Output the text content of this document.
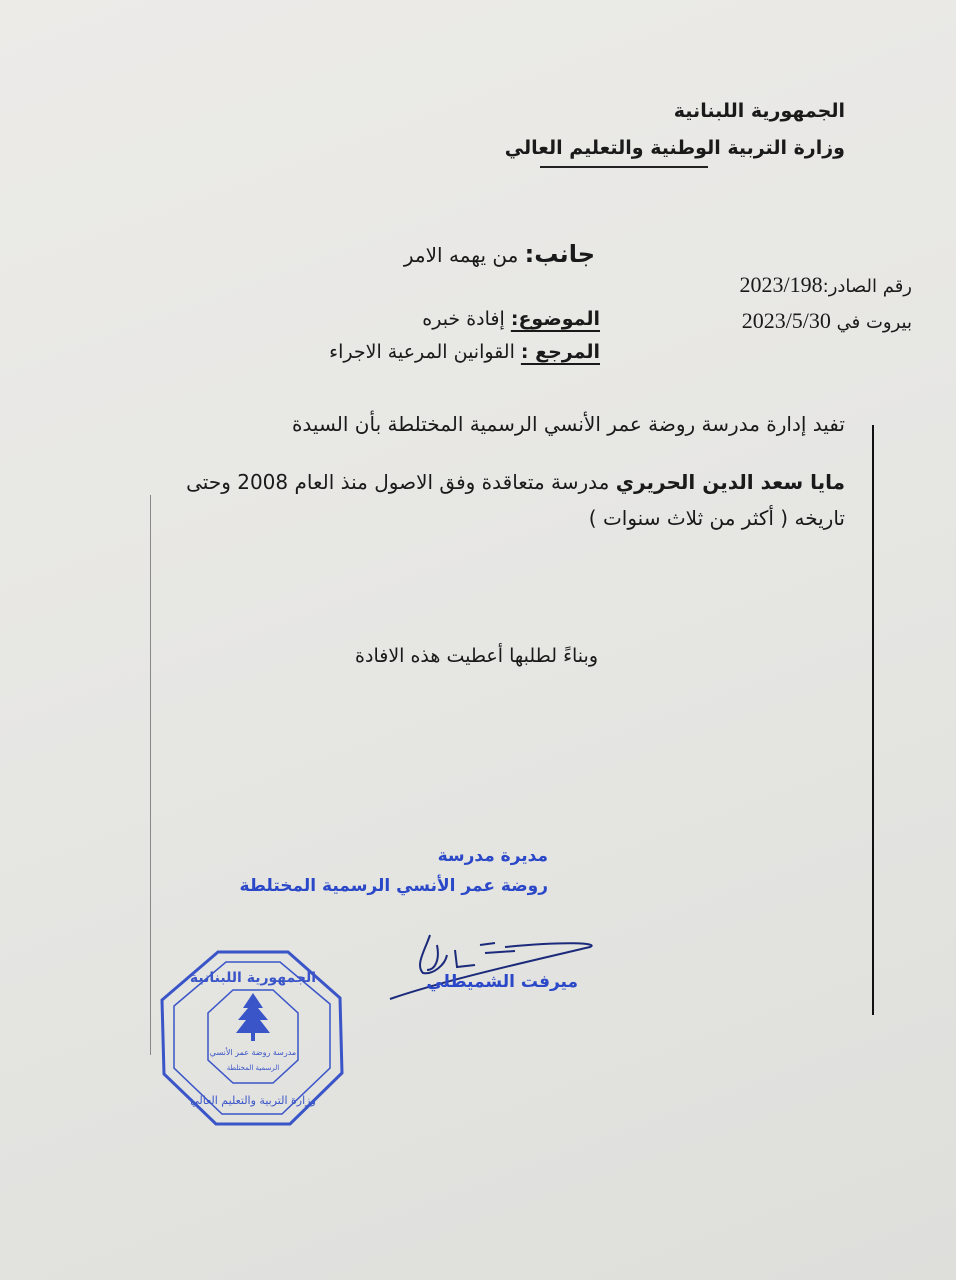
الجمهورية اللبنانية
وزارة التربية الوطنية والتعليم العالي
جانب: من يهمه الامر
رقم الصادر:2023/198
بيروت في 2023/5/30
الموضوع: إفادة خبره
المرجع : القوانين المرعية الاجراء
تفيد إدارة مدرسة روضة عمر الأنسي الرسمية المختلطة بأن السيدة
مايا سعد الدين الحريري مدرسة متعاقدة وفق الاصول منذ العام 2008 وحتى
تاريخه ( أكثر من ثلاث سنوات )
وبناءً لطلبها أعطيت هذه الافادة
مديرة مدرسة
روضة عمر الأنسي الرسمية المختلطة
ميرفت الشميطلي
مدرسة روضة عمر الأنسي
الرسمية المختلطة
الجمهورية اللبنانية
وزارة التربية والتعليم العالي
